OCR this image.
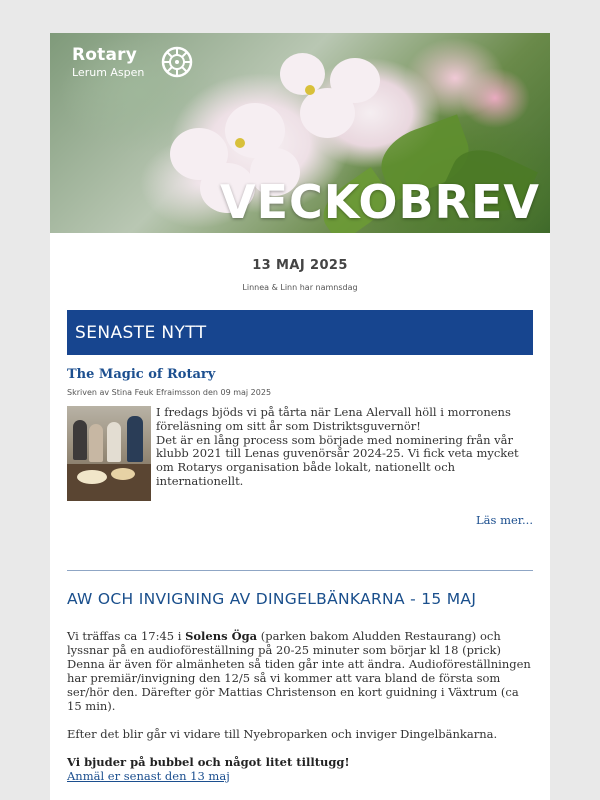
Rotary
Lerum Aspen
VECKOBREV
13 MAJ 2025
Linnea & Linn har namnsdag
SENASTE NYTT
The Magic of Rotary
Skriven av Stina Feuk Efraimsson den 09 maj 2025
I fredags bjöds vi på tårta när Lena Alervall höll i morronens föreläsning om sitt år som Distriktsguvernör!
Det är en lång process som började med nominering från vår klubb 2021 till Lenas guvenörsår 2024-25. Vi fick veta mycket om Rotarys organisation både lokalt, nationellt och internationellt.
Läs mer...
AW OCH INVIGNING AV DINGELBÄNKARNA - 15 MAJ

Vi träffas ca 17:45 i Solens Öga (parken bakom Aludden Restaurang) och lyssnar på en audioföreställning på 20-25 minuter som börjar kl 18 (prick) Denna är även för almänheten så tiden går inte att ändra. Audioföreställningen har premiär/invigning den 12/5 så vi kommer att vara bland de första som ser/hör den. Därefter gör Mattias Christenson en kort guidning i Växtrum (ca 15 min).

Efter det blir går vi vidare till Nyebroparken och inviger Dingelbänkarna.

Vi bjuder på bubbel och något litet tilltugg!
Anmäl er senast den 13 maj
